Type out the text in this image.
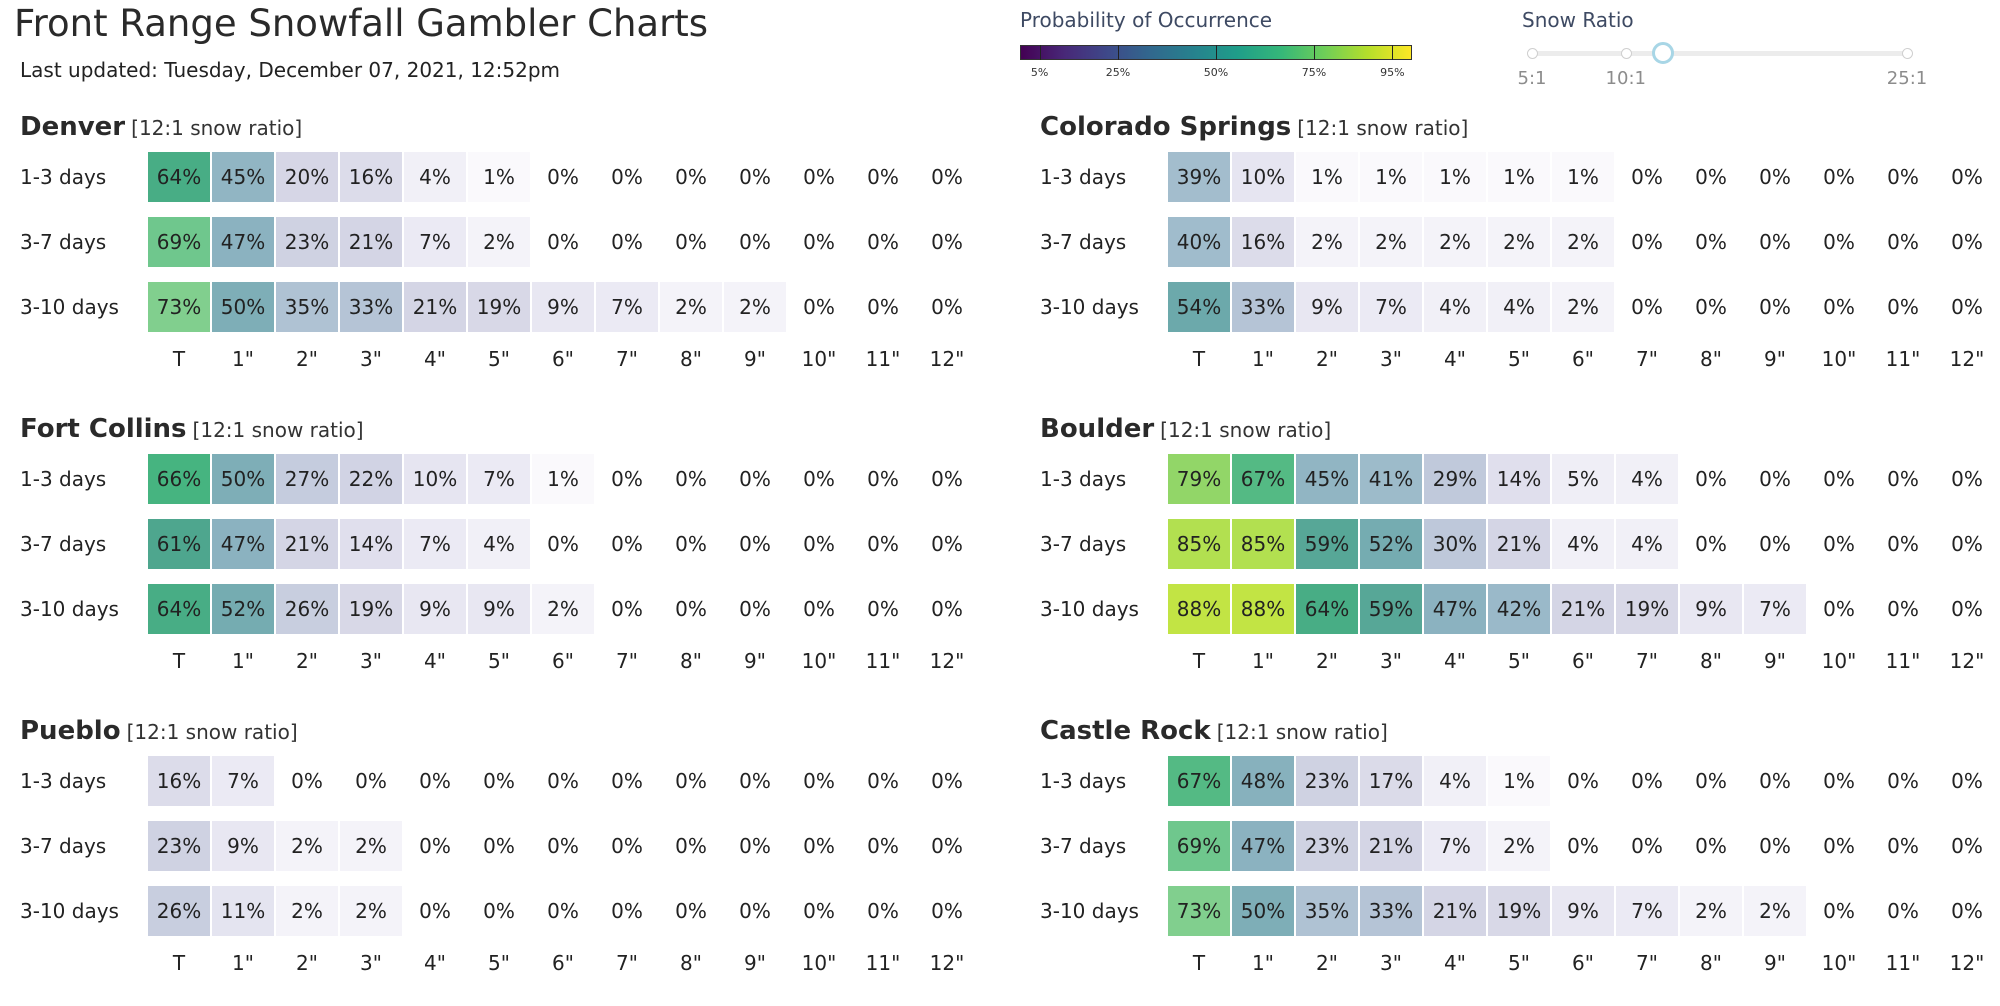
Front Range Snowfall Gambler Charts
Last updated: Tuesday, December 07, 2021, 12:52pm
Probability of Occurrence
5%	25%	50%	75%	95%
Snow Ratio
5:1	10:1	25:1
Denver [12:1 snow ratio]
1-3 days	64% 45% 20% 16%	4%	1%	0%	0%	0%	0%	0%	0%	0%
3-7 days	69% 47% 23% 21%	7%	2%	0%	0%	0%	0%	0%	0%	0%
3-10 days	73% 50% 35% 33% 21% 19%	9%	7%	2%	2%	0%	0%	0%
T	1"	2"	3"	4"	5"	6"	7"	8"	9"	10"	11"	12"
Colorado Springs [12:1 snow ratio]
1-3 days	39% 10%	1%	1%	1%	1%	1%	0%	0%	0%	0%	0%	0%
3-7 days	40% 16%	2%	2%	2%	2%	2%	0%	0%	0%	0%	0%	0%
3-10 days	54% 33%	9%	7%	4%	4%	2%	0%	0%	0%	0%	0%	0%
T	1"	2"	3"	4"	5"	6"	7"	8"	9"	10"	11"	12"
Fort Collins [12:1 snow ratio]
1-3 days	66% 50% 27% 22% 10%	7%	1%	0%	0%	0%	0%	0%	0%
3-7 days	61% 47% 21% 14%	7%	4%	0%	0%	0%	0%	0%	0%	0%
3-10 days	64% 52% 26% 19%	9%	9%	2%	0%	0%	0%	0%	0%	0%
T	1"	2"	3"	4"	5"	6"	7"	8"	9"	10"	11"	12"
Boulder [12:1 snow ratio]
1-3 days	79% 67% 45% 41% 29% 14%	5%	4%	0%	0%	0%	0%	0%
3-7 days	85% 85% 59% 52% 30% 21%	4%	4%	0%	0%	0%	0%	0%
3-10 days	88% 88% 64% 59% 47% 42% 21% 19%	9%	7%	0%	0%	0%
T	1"	2"	3"	4"	5"	6"	7"	8"	9"	10"	11"	12"
Pueblo [12:1 snow ratio]
1-3 days	16%	7%	0%	0%	0%	0%	0%	0%	0%	0%	0%	0%	0%
3-7 days	23%	9%	2%	2%	0%	0%	0%	0%	0%	0%	0%	0%	0%
3-10 days	26% 11%	2%	2%	0%	0%	0%	0%	0%	0%	0%	0%	0%
T	1"	2"	3"	4"	5"	6"	7"	8"	9"	10"	11"	12"
Castle Rock [12:1 snow ratio]
1-3 days	67% 48% 23% 17%	4%	1%	0%	0%	0%	0%	0%	0%	0%
3-7 days	69% 47% 23% 21%	7%	2%	0%	0%	0%	0%	0%	0%	0%
3-10 days	73% 50% 35% 33% 21% 19%	9%	7%	2%	2%	0%	0%	0%
T	1"	2"	3"	4"	5"	6"	7"	8"	9"	10"	11"	12"
